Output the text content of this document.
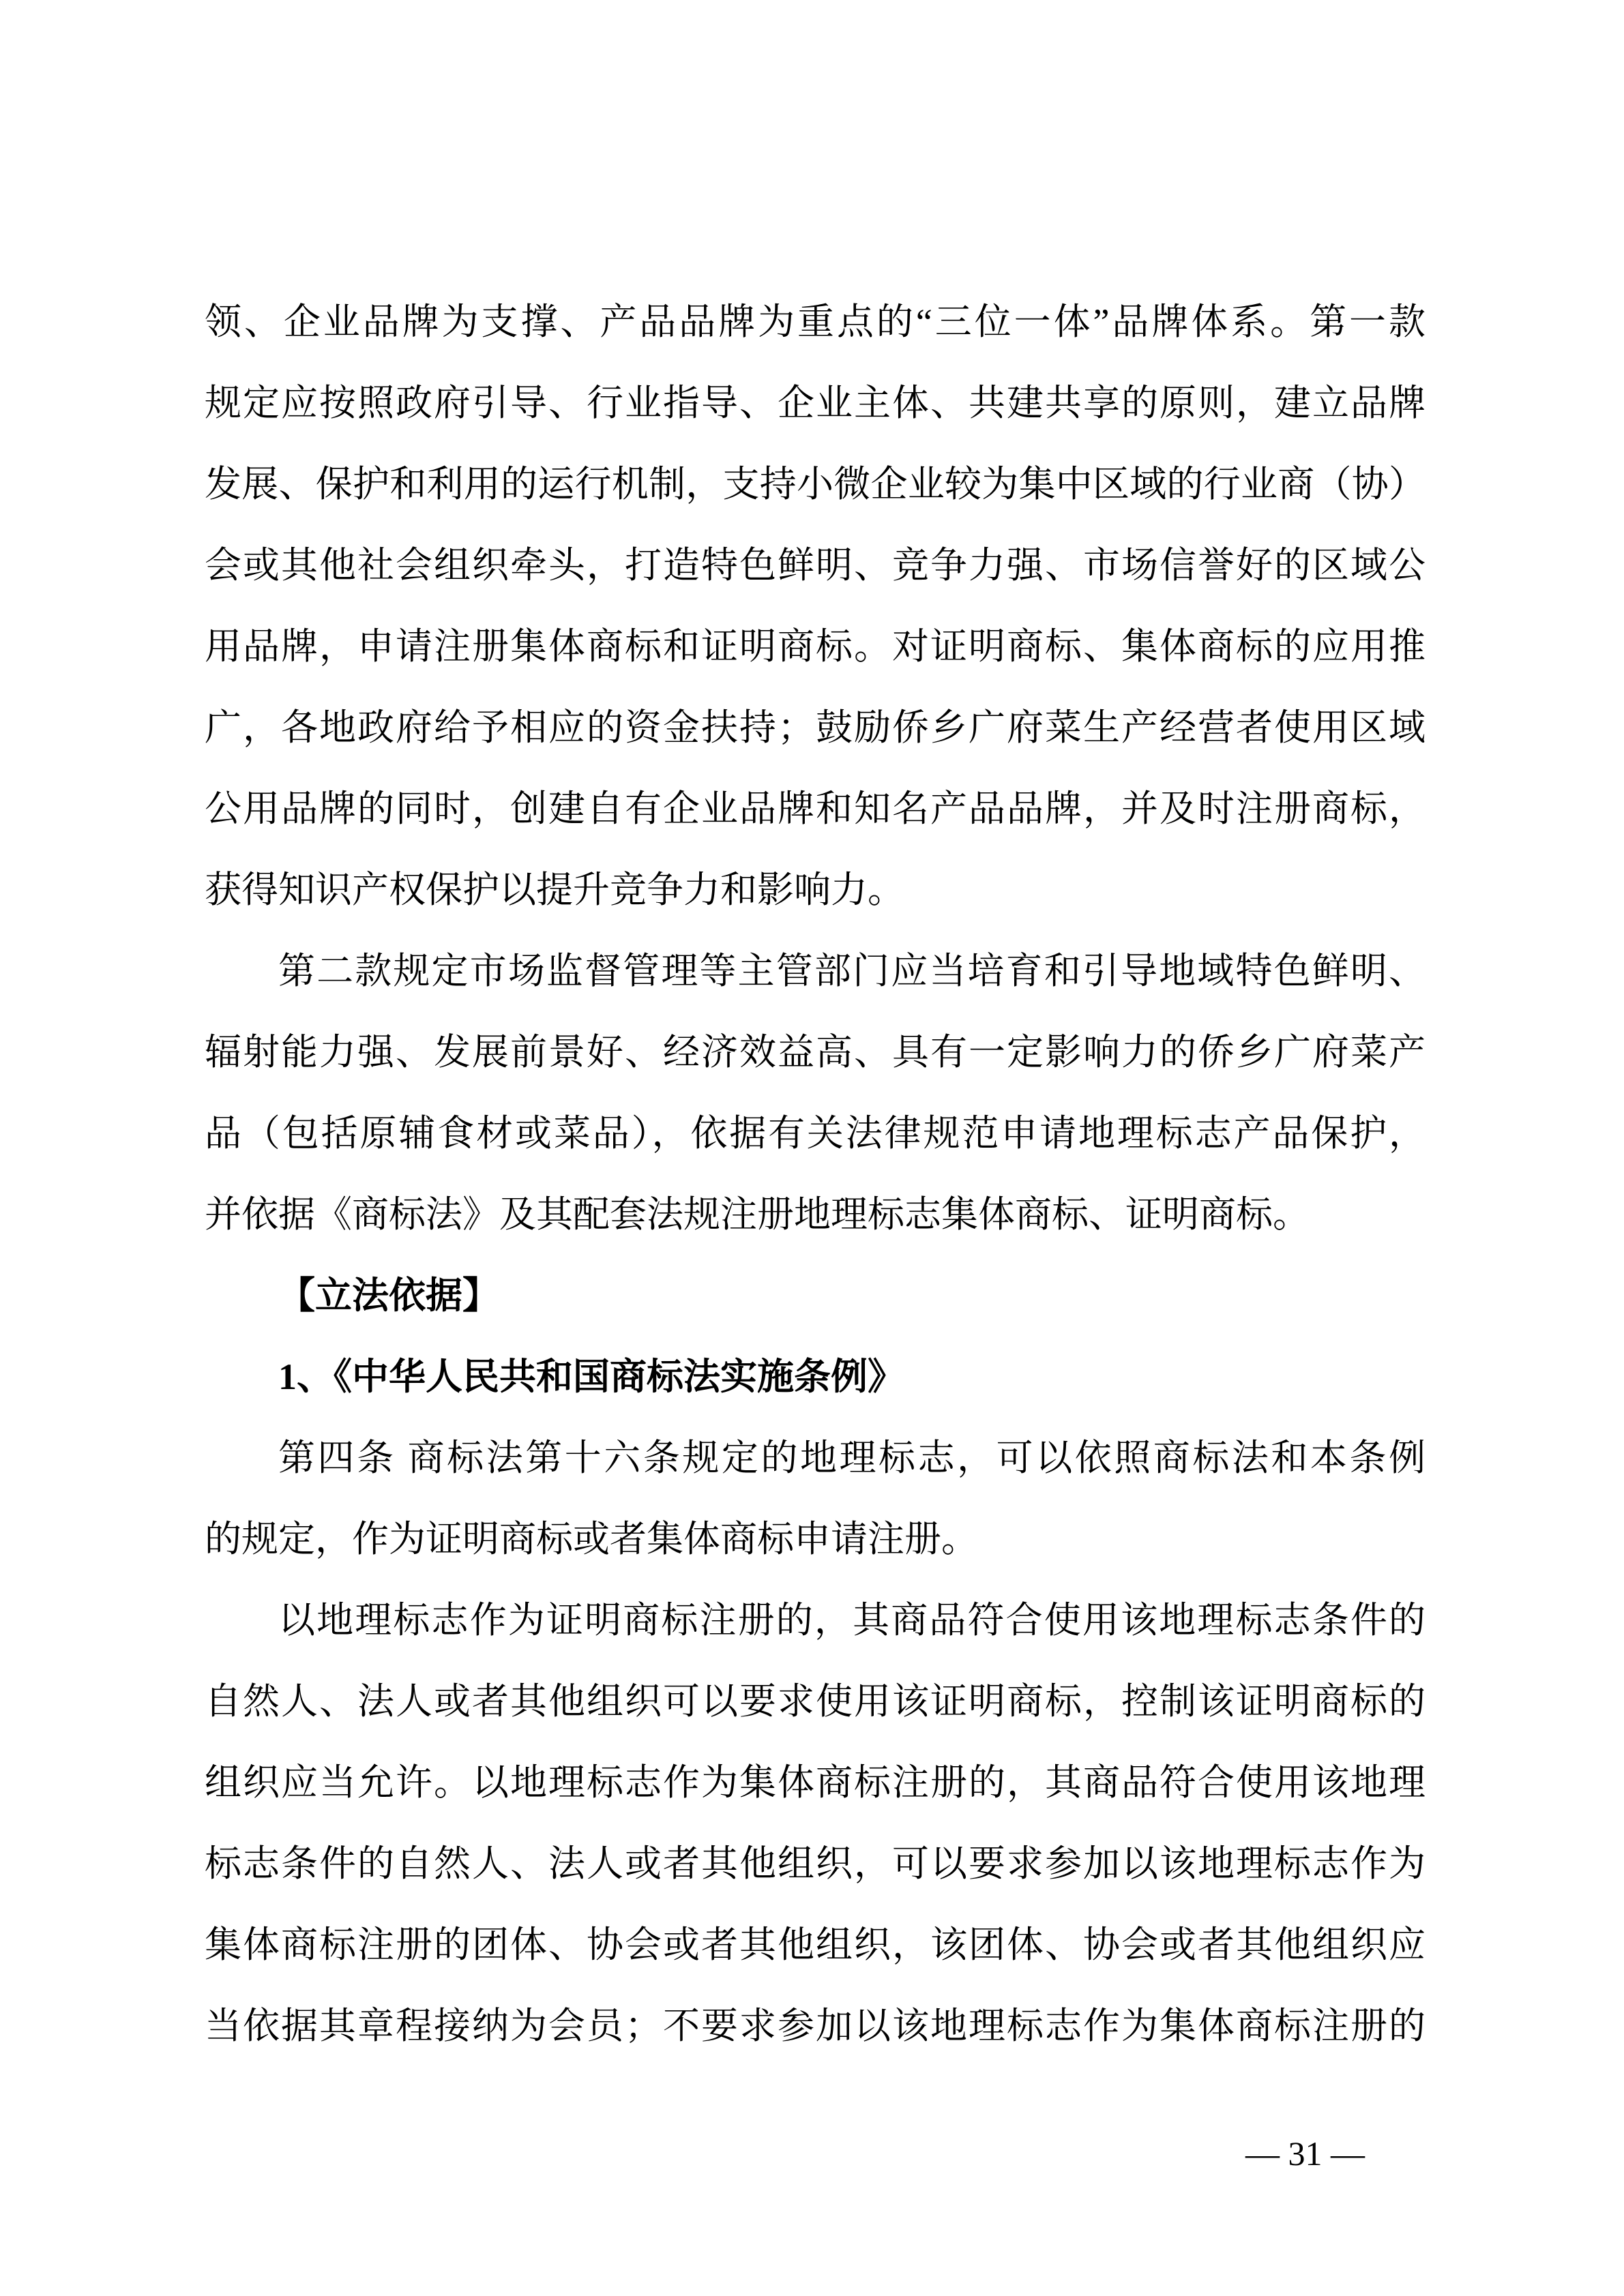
领、企业品牌为支撑、产品品牌为重点的“三位一体”品牌体系。第一款

规定应按照政府引导、行业指导、企业主体、共建共享的原则，建立品牌

发展、保护和利用的运行机制，支持小微企业较为集中区域的行业商（协）

会或其他社会组织牵头，打造特色鲜明、竞争力强、市场信誉好的区域公

用品牌，申请注册集体商标和证明商标。对证明商标、集体商标的应用推

广，各地政府给予相应的资金扶持；鼓励侨乡广府菜生产经营者使用区域

公用品牌的同时，创建自有企业品牌和知名产品品牌，并及时注册商标，

获得知识产权保护以提升竞争力和影响力。

第二款规定市场监督管理等主管部门应当培育和引导地域特色鲜明、

辐射能力强、发展前景好、经济效益高、具有一定影响力的侨乡广府菜产

品（包括原辅食材或菜品），依据有关法律规范申请地理标志产品保护，

并依据《商标法》及其配套法规注册地理标志集体商标、证明商标。

【立法依据】

1、《中华人民共和国商标法实施条例》

第四条 商标法第十六条规定的地理标志，可以依照商标法和本条例

的规定，作为证明商标或者集体商标申请注册。

以地理标志作为证明商标注册的，其商品符合使用该地理标志条件的

自然人、法人或者其他组织可以要求使用该证明商标，控制该证明商标的

组织应当允许。以地理标志作为集体商标注册的，其商品符合使用该地理

标志条件的自然人、法人或者其他组织，可以要求参加以该地理标志作为

集体商标注册的团体、协会或者其他组织，该团体、协会或者其他组织应

当依据其章程接纳为会员；不要求参加以该地理标志作为集体商标注册的

— 31 —
